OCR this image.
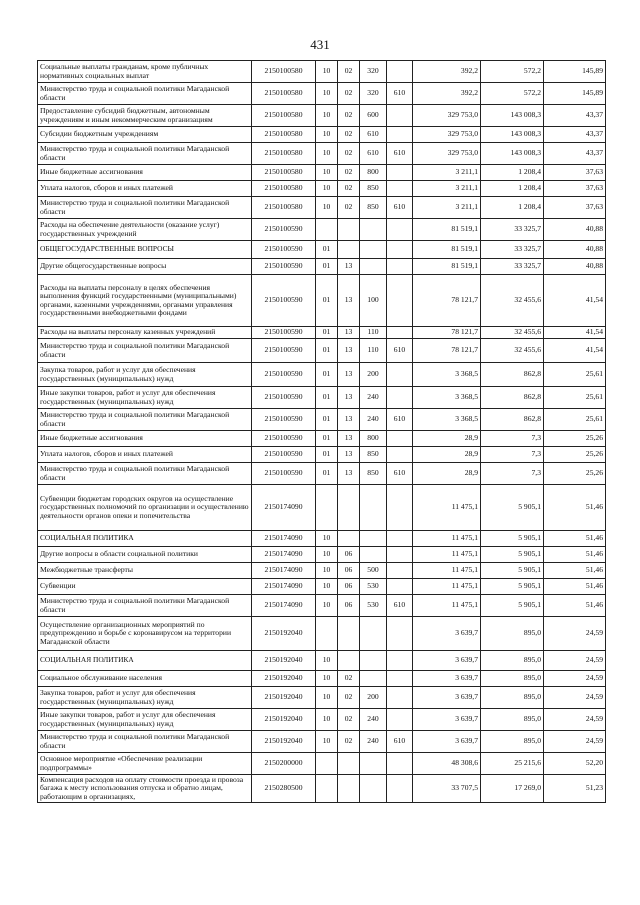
431
Социальные выплаты гражданам, кроме публичных нормативных социальных выплат	2150100580	10	02	320		392,2	572,2	145,89
Министерство труда и социальной политики Магаданской области	2150100580	10	02	320	610	392,2	572,2	145,89
Предоставление субсидий бюджетным, автономным учреждениям и иным некоммерческим организациям	2150100580	10	02	600		329 753,0	143 008,3	43,37
Субсидии бюджетным учреждениям	2150100580	10	02	610		329 753,0	143 008,3	43,37
Министерство труда и социальной политики Магаданской области	2150100580	10	02	610	610	329 753,0	143 008,3	43,37
Иные бюджетные ассигнования	2150100580	10	02	800		3 211,1	1 208,4	37,63
Уплата налогов, сборов и иных платежей	2150100580	10	02	850		3 211,1	1 208,4	37,63
Министерство труда и социальной политики Магаданской области	2150100580	10	02	850	610	3 211,1	1 208,4	37,63
Расходы на обеспечение деятельности (оказание услуг) государственных учреждений	2150100590					81 519,1	33 325,7	40,88
ОБЩЕГОСУДАРСТВЕННЫЕ ВОПРОСЫ	2150100590	01				81 519,1	33 325,7	40,88
Другие общегосударственные вопросы	2150100590	01	13			81 519,1	33 325,7	40,88
Расходы на выплаты персоналу в целях обеспечения выполнения функций государственными (муниципальными) органами, казенными учреждениями, органами управления государственными внебюджетными фондами	2150100590	01	13	100		78 121,7	32 455,6	41,54
Расходы на выплаты персоналу казенных учреждений	2150100590	01	13	110		78 121,7	32 455,6	41,54
Министерство труда и социальной политики Магаданской области	2150100590	01	13	110	610	78 121,7	32 455,6	41,54
Закупка товаров, работ и услуг для обеспечения государственных (муниципальных) нужд	2150100590	01	13	200		3 368,5	862,8	25,61
Иные закупки товаров, работ и услуг для обеспечения государственных (муниципальных) нужд	2150100590	01	13	240		3 368,5	862,8	25,61
Министерство труда и социальной политики Магаданской области	2150100590	01	13	240	610	3 368,5	862,8	25,61
Иные бюджетные ассигнования	2150100590	01	13	800		28,9	7,3	25,26
Уплата налогов, сборов и иных платежей	2150100590	01	13	850		28,9	7,3	25,26
Министерство труда и социальной политики Магаданской области	2150100590	01	13	850	610	28,9	7,3	25,26
Субвенции бюджетам городских округов на осуществление государственных полномочий по организации и осуществлению деятельности органов опеки и попечительства	2150174090					11 475,1	5 905,1	51,46
СОЦИАЛЬНАЯ ПОЛИТИКА	2150174090	10				11 475,1	5 905,1	51,46
Другие вопросы в области социальной политики	2150174090	10	06			11 475,1	5 905,1	51,46
Межбюджетные трансферты	2150174090	10	06	500		11 475,1	5 905,1	51,46
Субвенции	2150174090	10	06	530		11 475,1	5 905,1	51,46
Министерство труда и социальной политики Магаданской области	2150174090	10	06	530	610	11 475,1	5 905,1	51,46
Осуществление организационных мероприятий по предупреждению и борьбе с коронавирусом на территории Магаданской области	2150192040					3 639,7	895,0	24,59
СОЦИАЛЬНАЯ ПОЛИТИКА	2150192040	10				3 639,7	895,0	24,59
Социальное обслуживание населения	2150192040	10	02			3 639,7	895,0	24,59
Закупка товаров, работ и услуг для обеспечения государственных (муниципальных) нужд	2150192040	10	02	200		3 639,7	895,0	24,59
Иные закупки товаров, работ и услуг для обеспечения государственных (муниципальных) нужд	2150192040	10	02	240		3 639,7	895,0	24,59
Министерство труда и социальной политики Магаданской области	2150192040	10	02	240	610	3 639,7	895,0	24,59
Основное мероприятие «Обеспечение реализации подпрограммы»	2150200000					48 308,6	25 215,6	52,20
Компенсация расходов на оплату стоимости проезда и провоза багажа к месту использования отпуска и обратно лицам, работающим в организациях,	2150280500					33 707,5	17 269,0	51,23
